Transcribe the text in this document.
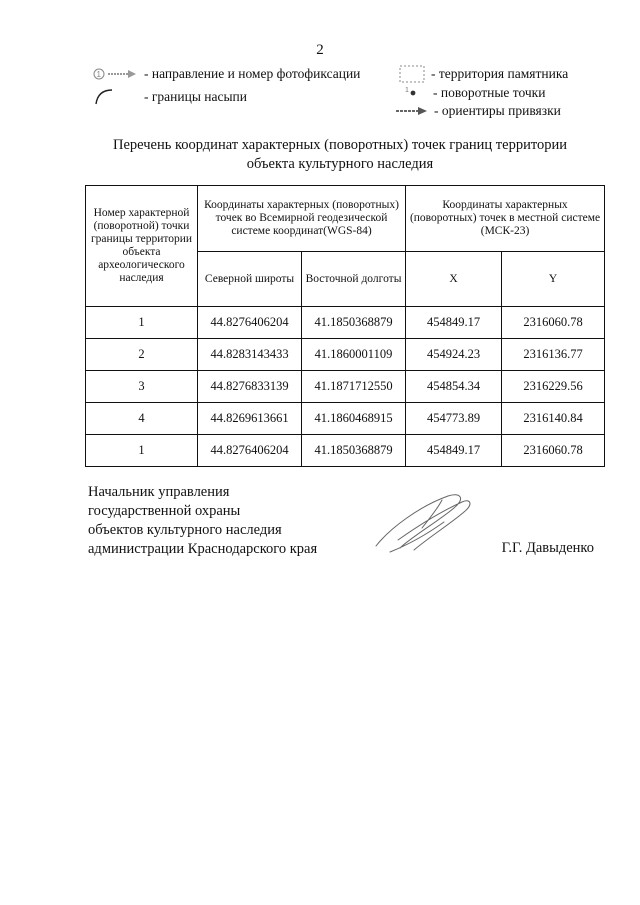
2
1	- направление и номер фотофиксации
- границы насыпи
- территория памятника
1 - поворотные точки
- ориентиры привязки
Перечень координат характерных (поворотных) точек границ территории
объекта культурного наследия
Номер характерной (поворотной) точки границы территории объекта археологического наследия	Координаты характерных (поворотных) точек во Всемирной геодезической системе координат(WGS-84)		Координаты характерных (поворотных) точек в местной системе (МСК-23)	
	Северной широты	Восточной долготы	X	Y
1	44.8276406204	41.1850368879	454849.17	2316060.78
2	44.8283143433	41.1860001109	454924.23	2316136.77
3	44.8276833139	41.1871712550	454854.34	2316229.56
4	44.8269613661	41.1860468915	454773.89	2316140.84
1	44.8276406204	41.1850368879	454849.17	2316060.78
Начальник управления
государственной охраны
объектов культурного наследия
администрации Краснодарского края	Г.Г. Давыденко
